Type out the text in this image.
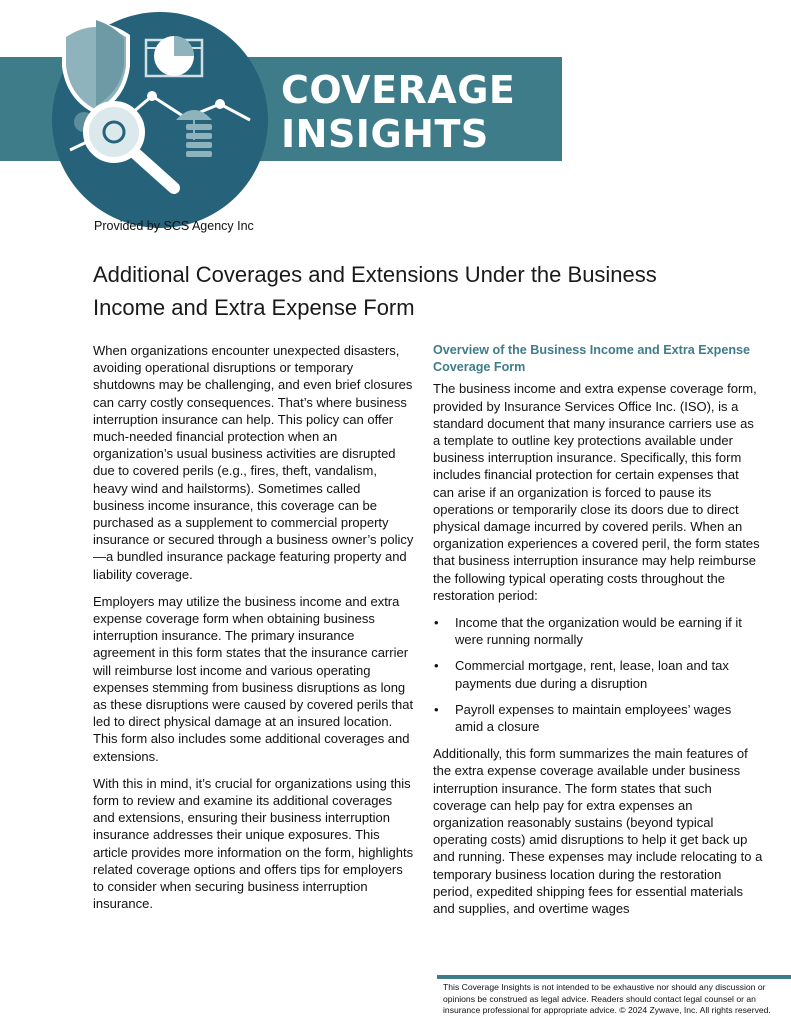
COVERAGE
INSIGHTS
Provided by SCS Agency Inc
Additional Coverages and Extensions Under the Business Income and Extra Expense Form

When organizations encounter unexpected disasters, avoiding operational disruptions or temporary shutdowns may be challenging, and even brief closures can carry costly consequences. That’s where business interruption insurance can help. This policy can offer much-needed financial protection when an organization’s usual business activities are disrupted due to covered perils (e.g., fires, theft, vandalism, heavy wind and hailstorms). Sometimes called business income insurance, this coverage can be purchased as a supplement to commercial property insurance or secured through a business owner’s policy—a bundled insurance package featuring property and liability coverage.

Employers may utilize the business income and extra expense coverage form when obtaining business interruption insurance. The primary insurance agreement in this form states that the insurance carrier will reimburse lost income and various operating expenses stemming from business disruptions as long as these disruptions were caused by covered perils that led to direct physical damage at an insured location. This form also includes some additional coverages and extensions.

With this in mind, it’s crucial for organizations using this form to review and examine its additional coverages and extensions, ensuring their business interruption insurance addresses their unique exposures. This article provides more information on the form, highlights related coverage options and offers tips for employers to consider when securing business interruption insurance.

Overview of the Business Income and Extra Expense Coverage Form

The business income and extra expense coverage form, provided by Insurance Services Office Inc. (ISO), is a standard document that many insurance carriers use as a template to outline key protections available under business interruption insurance. Specifically, this form includes financial protection for certain expenses that can arise if an organization is forced to pause its operations or temporarily close its doors due to direct physical damage incurred by covered perils. When an organization experiences a covered peril, the form states that business interruption insurance may help reimburse the following typical operating costs throughout the restoration period:

• Income that the organization would be earning if it were running normally
• Commercial mortgage, rent, lease, loan and tax payments due during a disruption
• Payroll expenses to maintain employees’ wages amid a closure

Additionally, this form summarizes the main features of the extra expense coverage available under business interruption insurance. The form states that such coverage can help pay for extra expenses an organization reasonably sustains (beyond typical operating costs) amid disruptions to help it get back up and running. These expenses may include relocating to a temporary business location during the restoration period, expedited shipping fees for essential materials and supplies, and overtime wages

This Coverage Insights is not intended to be exhaustive nor should any discussion or opinions be construed as legal advice. Readers should contact legal counsel or an insurance professional for appropriate advice. © 2024 Zywave, Inc. All rights reserved.
